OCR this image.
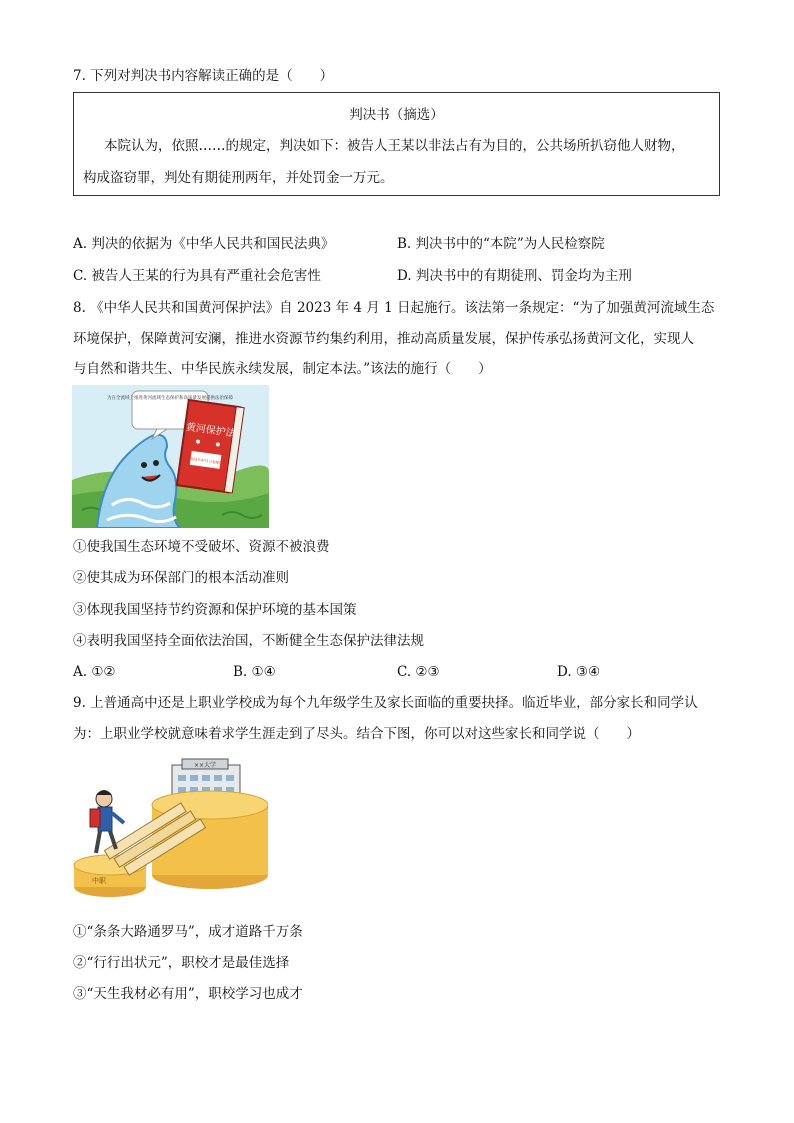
7. 下列对判决书内容解读正确的是（　　）
判决书（摘选）
本院认为，依照……的规定，判决如下：被告人王某以非法占有为目的，公共场所扒窃他人财物，
构成盗窃罪，判处有期徒刑两年，并处罚金一万元。
A. 判决的依据为《中华人民共和国民法典》	B. 判决书中的“本院”为人民检察院
C. 被告人王某的行为具有严重社会危害性	D. 判决书中的有期徒刑、罚金均为主刑
8. 《中华人民共和国黄河保护法》自 2023 年 4 月 1 日起施行。该法第一条规定：“为了加强黄河流域生态
环境保护，保障黄河安澜，推进水资源节约集约利用，推动高质量发展，保护传承弘扬黄河文化，实现人
与自然和谐共生、中华民族永续发展，制定本法。”该法的施行（　　）
为在全流域上推进黄河流域生态保护和高质量发展提供法治保障
黄河保护法
2023年4月1日起施行
①使我国生态环境不受破坏、资源不被浪费
②使其成为环保部门的根本活动准则
③体现我国坚持节约资源和保护环境的基本国策
④表明我国坚持全面依法治国，不断健全生态保护法律法规
A. ①②	B. ①④	C. ②③	D. ③④
9. 上普通高中还是上职业学校成为每个九年级学生及家长面临的重要抉择。临近毕业，部分家长和同学认
为：上职业学校就意味着求学生涯走到了尽头。结合下图，你可以对这些家长和同学说（　　）
××大学
中职
①“条条大路通罗马”，成才道路千万条
②“行行出状元”，职校才是最佳选择
③“天生我材必有用”，职校学习也成才
